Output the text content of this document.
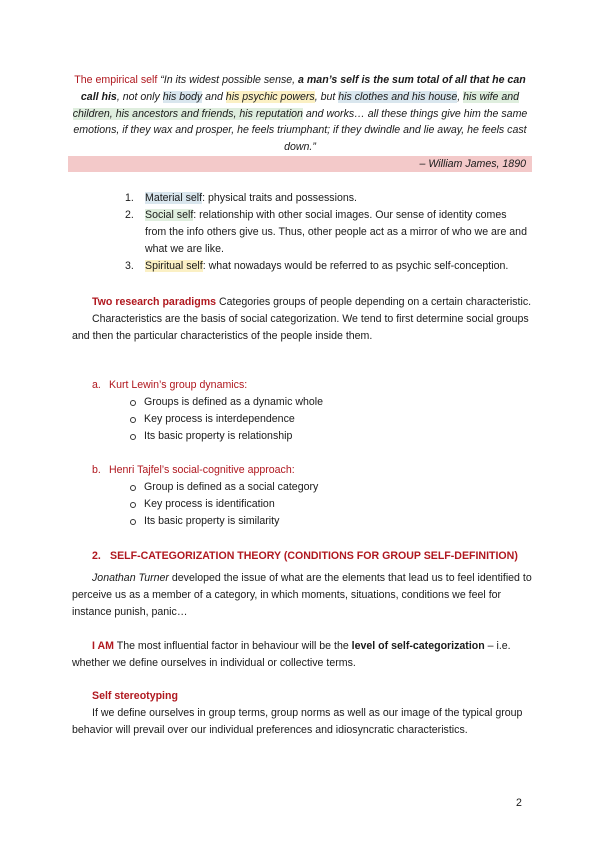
The empirical self “In its widest possible sense, a man’s self is the sum total of all that he can call his, not only his body and his psychic powers, but his clothes and his house, his wife and children, his ancestors and friends, his reputation and works… all these things give him the same emotions, if they wax and prosper, he feels triumphant; if they dwindle and lie away, he feels cast down.”
– William James, 1890
1. Material self: physical traits and possessions.
2. Social self: relationship with other social images. Our sense of identity comes from the info others give us. Thus, other people act as a mirror of who we are and what we are like.
3. Spiritual self: what nowadays would be referred to as psychic self-conception.
Two research paradigms Categories groups of people depending on a certain characteristic.
Characteristics are the basis of social categorization. We tend to first determine social groups and then the particular characteristics of the people inside them.
a. Kurt Lewin’s group dynamics:
Groups is defined as a dynamic whole
Key process is interdependence
Its basic property is relationship
b. Henri Tajfel’s social-cognitive approach:
Group is defined as a social category
Key process is identification
Its basic property is similarity
2. SELF-CATEGORIZATION THEORY (CONDITIONS FOR GROUP SELF-DEFINITION)
Jonathan Turner developed the issue of what are the elements that lead us to feel identified to perceive us as a member of a category, in which moments, situations, conditions we feel for instance punish, panic…
I AM The most influential factor in behaviour will be the level of self-categorization – i.e. whether we define ourselves in individual or collective terms.
Self stereotyping
If we define ourselves in group terms, group norms as well as our image of the typical group behavior will prevail over our individual preferences and idiosyncratic characteristics.
2
